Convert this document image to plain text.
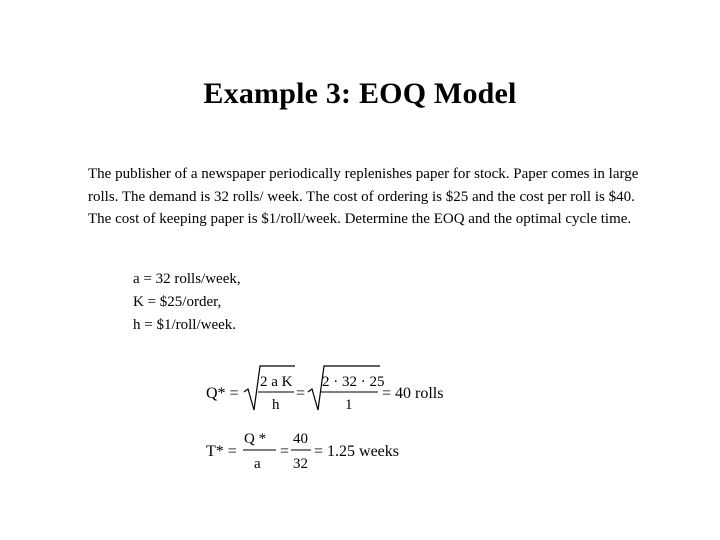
Example 3: EOQ Model
The publisher of a newspaper periodically replenishes paper for stock. Paper comes in large rolls. The demand is 32 rolls/ week. The cost of ordering is $25 and the cost per roll is $40. The cost of keeping paper is $1/roll/week. Determine the EOQ and the optimal cycle time.
a = 32 rolls/week,
K = $25/order,
h = $1/roll/week.
Q* =
2 a K
h
=
2 · 32 · 25
1
= 40 rolls
T* =
Q *
a
=
40
32
= 1.25 weeks
